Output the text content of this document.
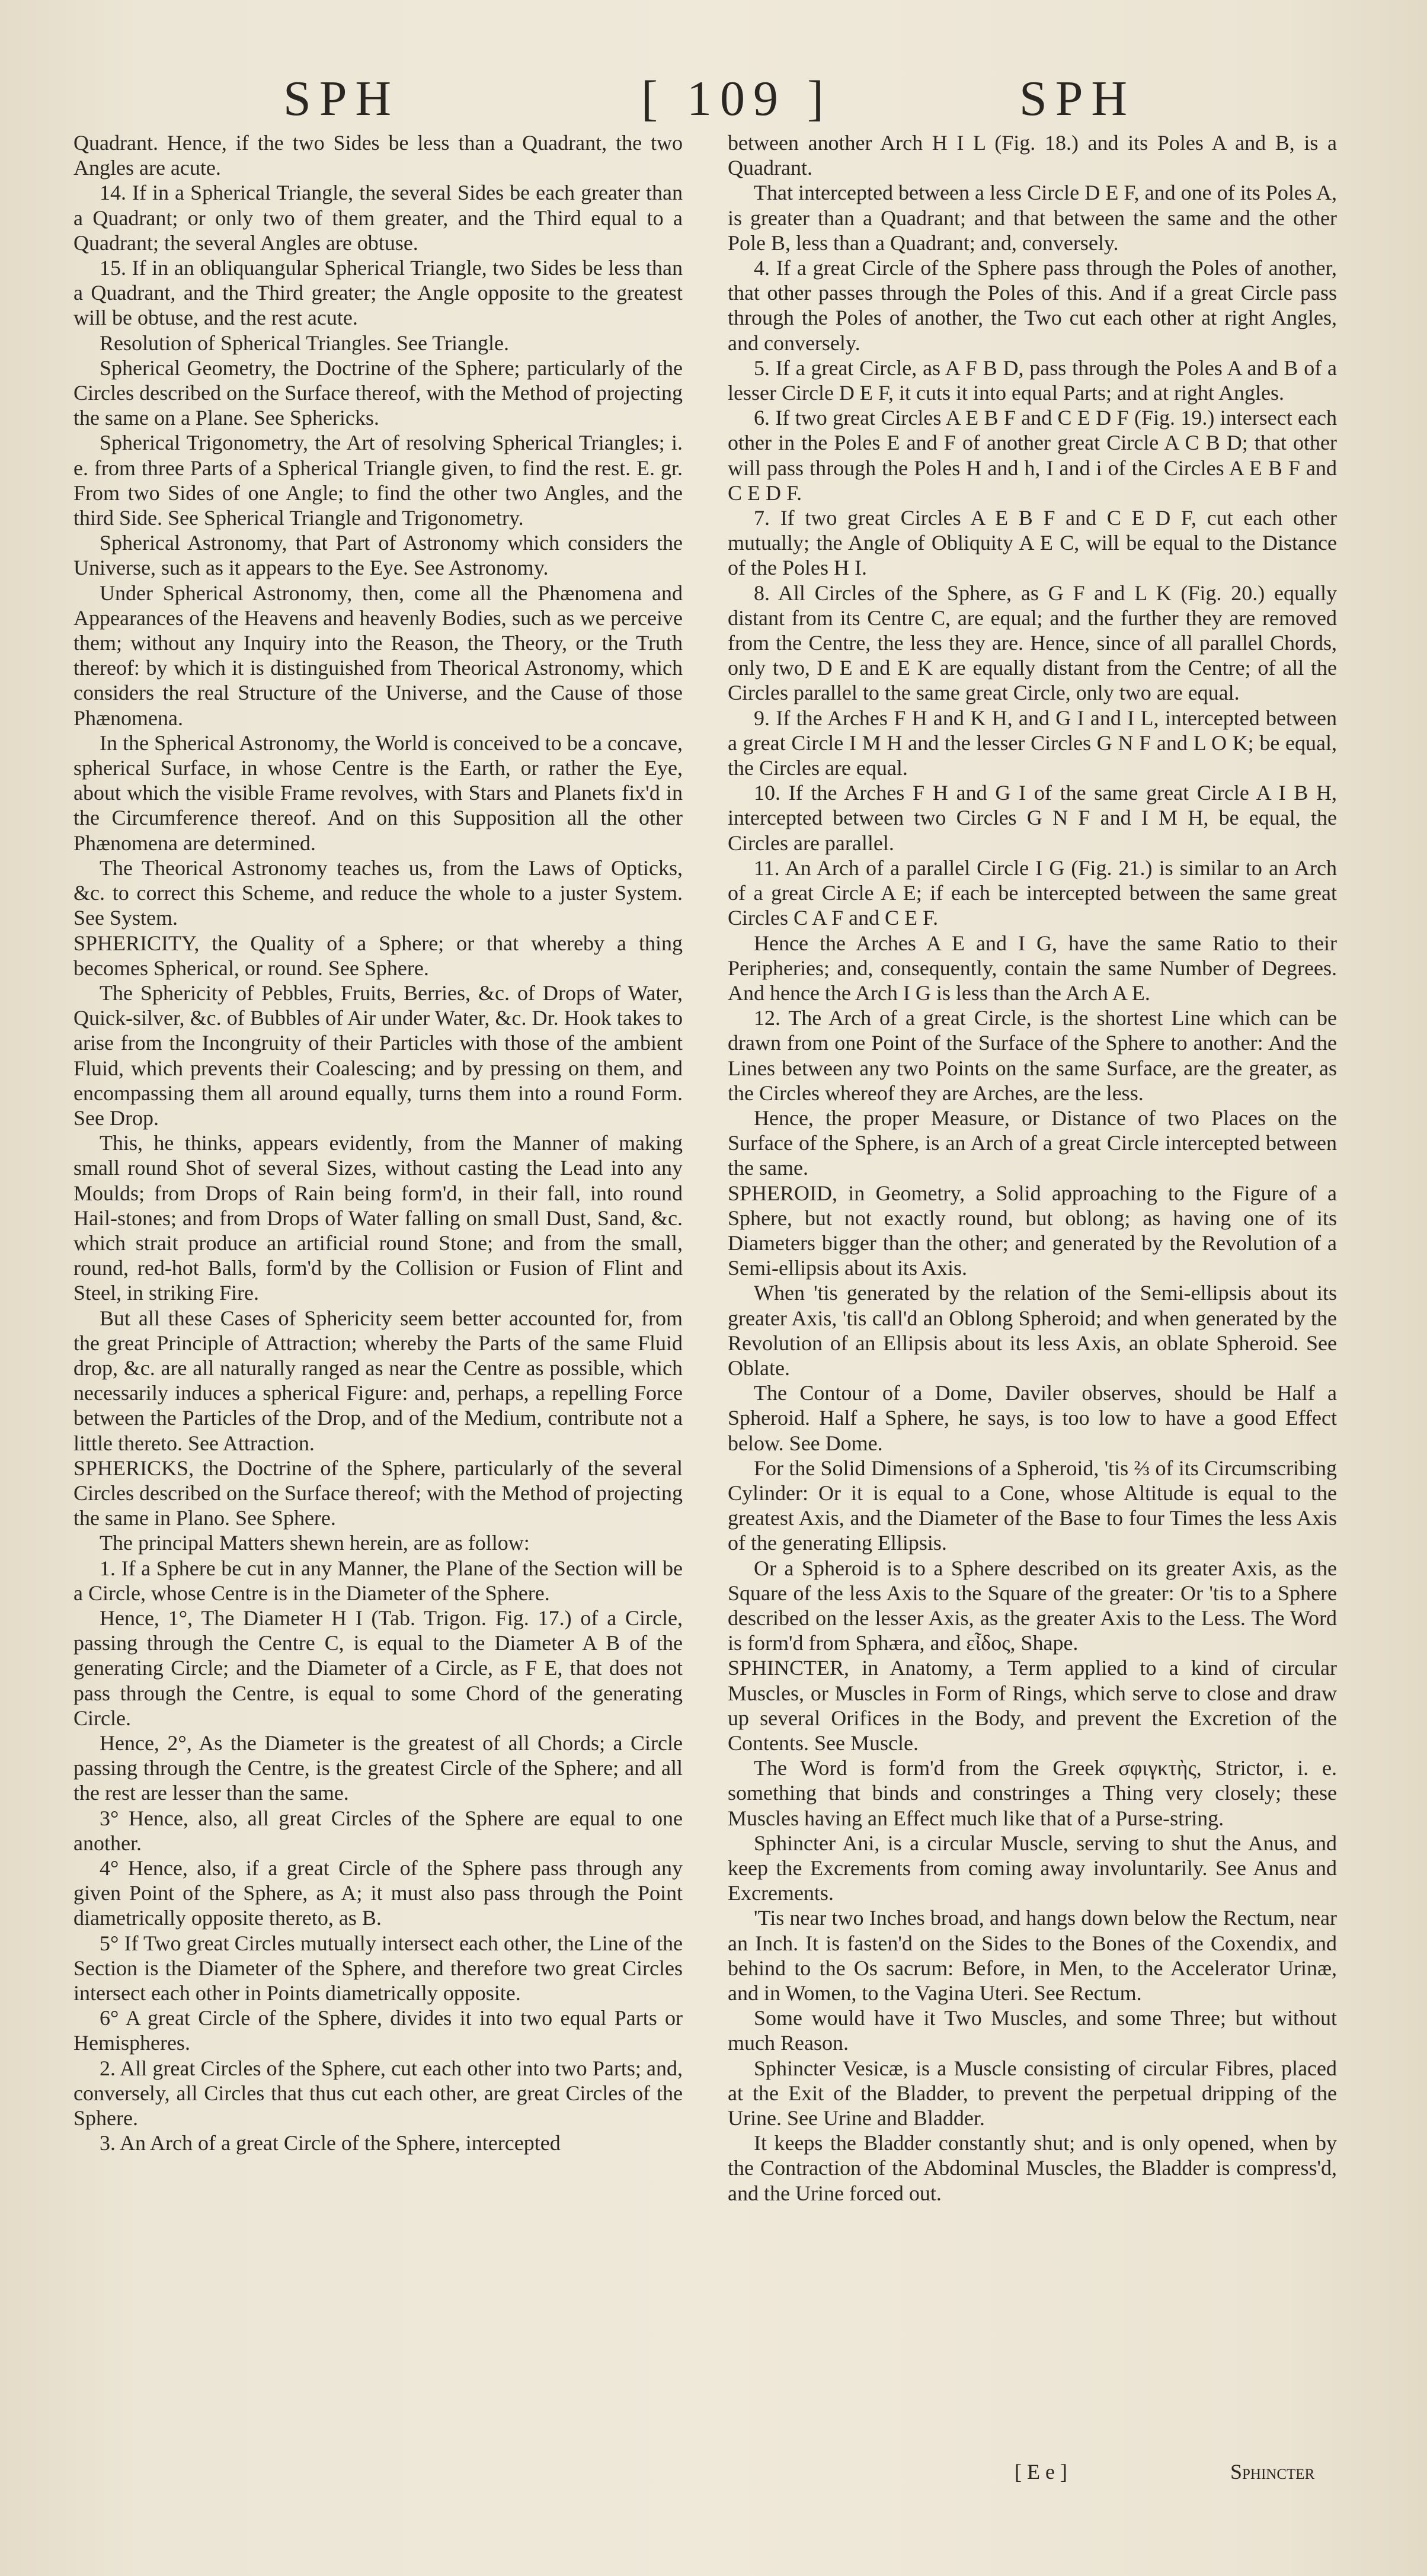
SPH	[ 109 ]	SPH

Quadrant. Hence, if the two Sides be less than a Quadrant, the two Angles are acute.

14. If in a Spherical Triangle, the several Sides be each greater than a Quadrant; or only two of them greater, and the Third equal to a Quadrant; the several Angles are obtuse.

15. If in an obliquangular Spherical Triangle, two Sides be less than a Quadrant, and the Third greater; the Angle opposite to the greatest will be obtuse, and the rest acute.

Resolution of Spherical Triangles. See Triangle.

Spherical Geometry, the Doctrine of the Sphere; particularly of the Circles described on the Surface thereof, with the Method of projecting the same on a Plane. See Sphericks.

Spherical Trigonometry, the Art of resolving Spherical Triangles; i. e. from three Parts of a Spherical Triangle given, to find the rest. E. gr. From two Sides of one Angle; to find the other two Angles, and the third Side. See Spherical Triangle and Trigonometry.

Spherical Astronomy, that Part of Astronomy which considers the Universe, such as it appears to the Eye. See Astronomy.

Under Spherical Astronomy, then, come all the Phænomena and Appearances of the Heavens and heavenly Bodies, such as we perceive them; without any Inquiry into the Reason, the Theory, or the Truth thereof: by which it is distinguished from Theorical Astronomy, which considers the real Structure of the Universe, and the Cause of those Phænomena.

In the Spherical Astronomy, the World is conceived to be a concave, spherical Surface, in whose Centre is the Earth, or rather the Eye, about which the visible Frame revolves, with Stars and Planets fix'd in the Circumference thereof. And on this Supposition all the other Phænomena are determined.

The Theorical Astronomy teaches us, from the Laws of Opticks, &c. to correct this Scheme, and reduce the whole to a juster System. See System.

SPHERICITY, the Quality of a Sphere; or that whereby a thing becomes Spherical, or round. See Sphere.

The Sphericity of Pebbles, Fruits, Berries, &c. of Drops of Water, Quick-silver, &c. of Bubbles of Air under Water, &c. Dr. Hook takes to arise from the Incongruity of their Particles with those of the ambient Fluid, which prevents their Coalescing; and by pressing on them, and encompassing them all around equally, turns them into a round Form. See Drop.

This, he thinks, appears evidently, from the Manner of making small round Shot of several Sizes, without casting the Lead into any Moulds; from Drops of Rain being form'd, in their fall, into round Hail-stones; and from Drops of Water falling on small Dust, Sand, &c. which strait produce an artificial round Stone; and from the small, round, red-hot Balls, form'd by the Collision or Fusion of Flint and Steel, in striking Fire.

But all these Cases of Sphericity seem better accounted for, from the great Principle of Attraction; whereby the Parts of the same Fluid drop, &c. are all naturally ranged as near the Centre as possible, which necessarily induces a spherical Figure: and, perhaps, a repelling Force between the Particles of the Drop, and of the Medium, contribute not a little thereto. See Attraction.

SPHERICKS, the Doctrine of the Sphere, particularly of the several Circles described on the Surface thereof; with the Method of projecting the same in Plano. See Sphere.

The principal Matters shewn herein, are as follow:

1. If a Sphere be cut in any Manner, the Plane of the Section will be a Circle, whose Centre is in the Diameter of the Sphere.

Hence, 1°, The Diameter H I (Tab. Trigon. Fig. 17.) of a Circle, passing through the Centre C, is equal to the Diameter A B of the generating Circle; and the Diameter of a Circle, as F E, that does not pass through the Centre, is equal to some Chord of the generating Circle.

Hence, 2°, As the Diameter is the greatest of all Chords; a Circle passing through the Centre, is the greatest Circle of the Sphere; and all the rest are lesser than the same.

3° Hence, also, all great Circles of the Sphere are equal to one another.

4° Hence, also, if a great Circle of the Sphere pass through any given Point of the Sphere, as A; it must also pass through the Point diametrically opposite thereto, as B.

5° If Two great Circles mutually intersect each other, the Line of the Section is the Diameter of the Sphere, and therefore two great Circles intersect each other in Points diametrically opposite.

6° A great Circle of the Sphere, divides it into two equal Parts or Hemispheres.

2. All great Circles of the Sphere, cut each other into two Parts; and, conversely, all Circles that thus cut each other, are great Circles of the Sphere.

3. An Arch of a great Circle of the Sphere, intercepted

between another Arch H I L (Fig. 18.) and its Poles A and B, is a Quadrant.

That intercepted between a less Circle D E F, and one of its Poles A, is greater than a Quadrant; and that between the same and the other Pole B, less than a Quadrant; and, conversely.

4. If a great Circle of the Sphere pass through the Poles of another, that other passes through the Poles of this. And if a great Circle pass through the Poles of another, the Two cut each other at right Angles, and conversely.

5. If a great Circle, as A F B D, pass through the Poles A and B of a lesser Circle D E F, it cuts it into equal Parts; and at right Angles.

6. If two great Circles A E B F and C E D F (Fig. 19.) intersect each other in the Poles E and F of another great Circle A C B D; that other will pass through the Poles H and h, I and i of the Circles A E B F and C E D F.

7. If two great Circles A E B F and C E D F, cut each other mutually; the Angle of Obliquity A E C, will be equal to the Distance of the Poles H I.

8. All Circles of the Sphere, as G F and L K (Fig. 20.) equally distant from its Centre C, are equal; and the further they are removed from the Centre, the less they are. Hence, since of all parallel Chords, only two, D E and E K are equally distant from the Centre; of all the Circles parallel to the same great Circle, only two are equal.

9. If the Arches F H and K H, and G I and I L, intercepted between a great Circle I M H and the lesser Circles G N F and L O K; be equal, the Circles are equal.

10. If the Arches F H and G I of the same great Circle A I B H, intercepted between two Circles G N F and I M H, be equal, the Circles are parallel.

11. An Arch of a parallel Circle I G (Fig. 21.) is similar to an Arch of a great Circle A E; if each be intercepted between the same great Circles C A F and C E F.

Hence the Arches A E and I G, have the same Ratio to their Peripheries; and, consequently, contain the same Number of Degrees. And hence the Arch I G is less than the Arch A E.

12. The Arch of a great Circle, is the shortest Line which can be drawn from one Point of the Surface of the Sphere to another: And the Lines between any two Points on the same Surface, are the greater, as the Circles whereof they are Arches, are the less.

Hence, the proper Measure, or Distance of two Places on the Surface of the Sphere, is an Arch of a great Circle intercepted between the same.

SPHEROID, in Geometry, a Solid approaching to the Figure of a Sphere, but not exactly round, but oblong; as having one of its Diameters bigger than the other; and generated by the Revolution of a Semi-ellipsis about its Axis.

When 'tis generated by the relation of the Semi-ellipsis about its greater Axis, 'tis call'd an Oblong Spheroid; and when generated by the Revolution of an Ellipsis about its less Axis, an oblate Spheroid. See Oblate.

The Contour of a Dome, Daviler observes, should be Half a Spheroid. Half a Sphere, he says, is too low to have a good Effect below. See Dome.

For the Solid Dimensions of a Spheroid, 'tis ⅔ of its Circumscribing Cylinder: Or it is equal to a Cone, whose Altitude is equal to the greatest Axis, and the Diameter of the Base to four Times the less Axis of the generating Ellipsis.

Or a Spheroid is to a Sphere described on its greater Axis, as the Square of the less Axis to the Square of the greater: Or 'tis to a Sphere described on the lesser Axis, as the greater Axis to the Less. The Word is form'd from Sphæra, and εἶδος, Shape.

SPHINCTER, in Anatomy, a Term applied to a kind of circular Muscles, or Muscles in Form of Rings, which serve to close and draw up several Orifices in the Body, and prevent the Excretion of the Contents. See Muscle.

The Word is form'd from the Greek σφιγκτὴς, Strictor, i. e. something that binds and constringes a Thing very closely; these Muscles having an Effect much like that of a Purse-string.

Sphincter Ani, is a circular Muscle, serving to shut the Anus, and keep the Excrements from coming away involuntarily. See Anus and Excrements.

'Tis near two Inches broad, and hangs down below the Rectum, near an Inch. It is fasten'd on the Sides to the Bones of the Coxendix, and behind to the Os sacrum: Before, in Men, to the Accelerator Urinæ, and in Women, to the Vagina Uteri. See Rectum.

Some would have it Two Muscles, and some Three; but without much Reason.

Sphincter Vesicæ, is a Muscle consisting of circular Fibres, placed at the Exit of the Bladder, to prevent the perpetual dripping of the Urine. See Urine and Bladder.

It keeps the Bladder constantly shut; and is only opened, when by the Contraction of the Abdominal Muscles, the Bladder is compress'd, and the Urine forced out.

[ E e ]	Sphincter
